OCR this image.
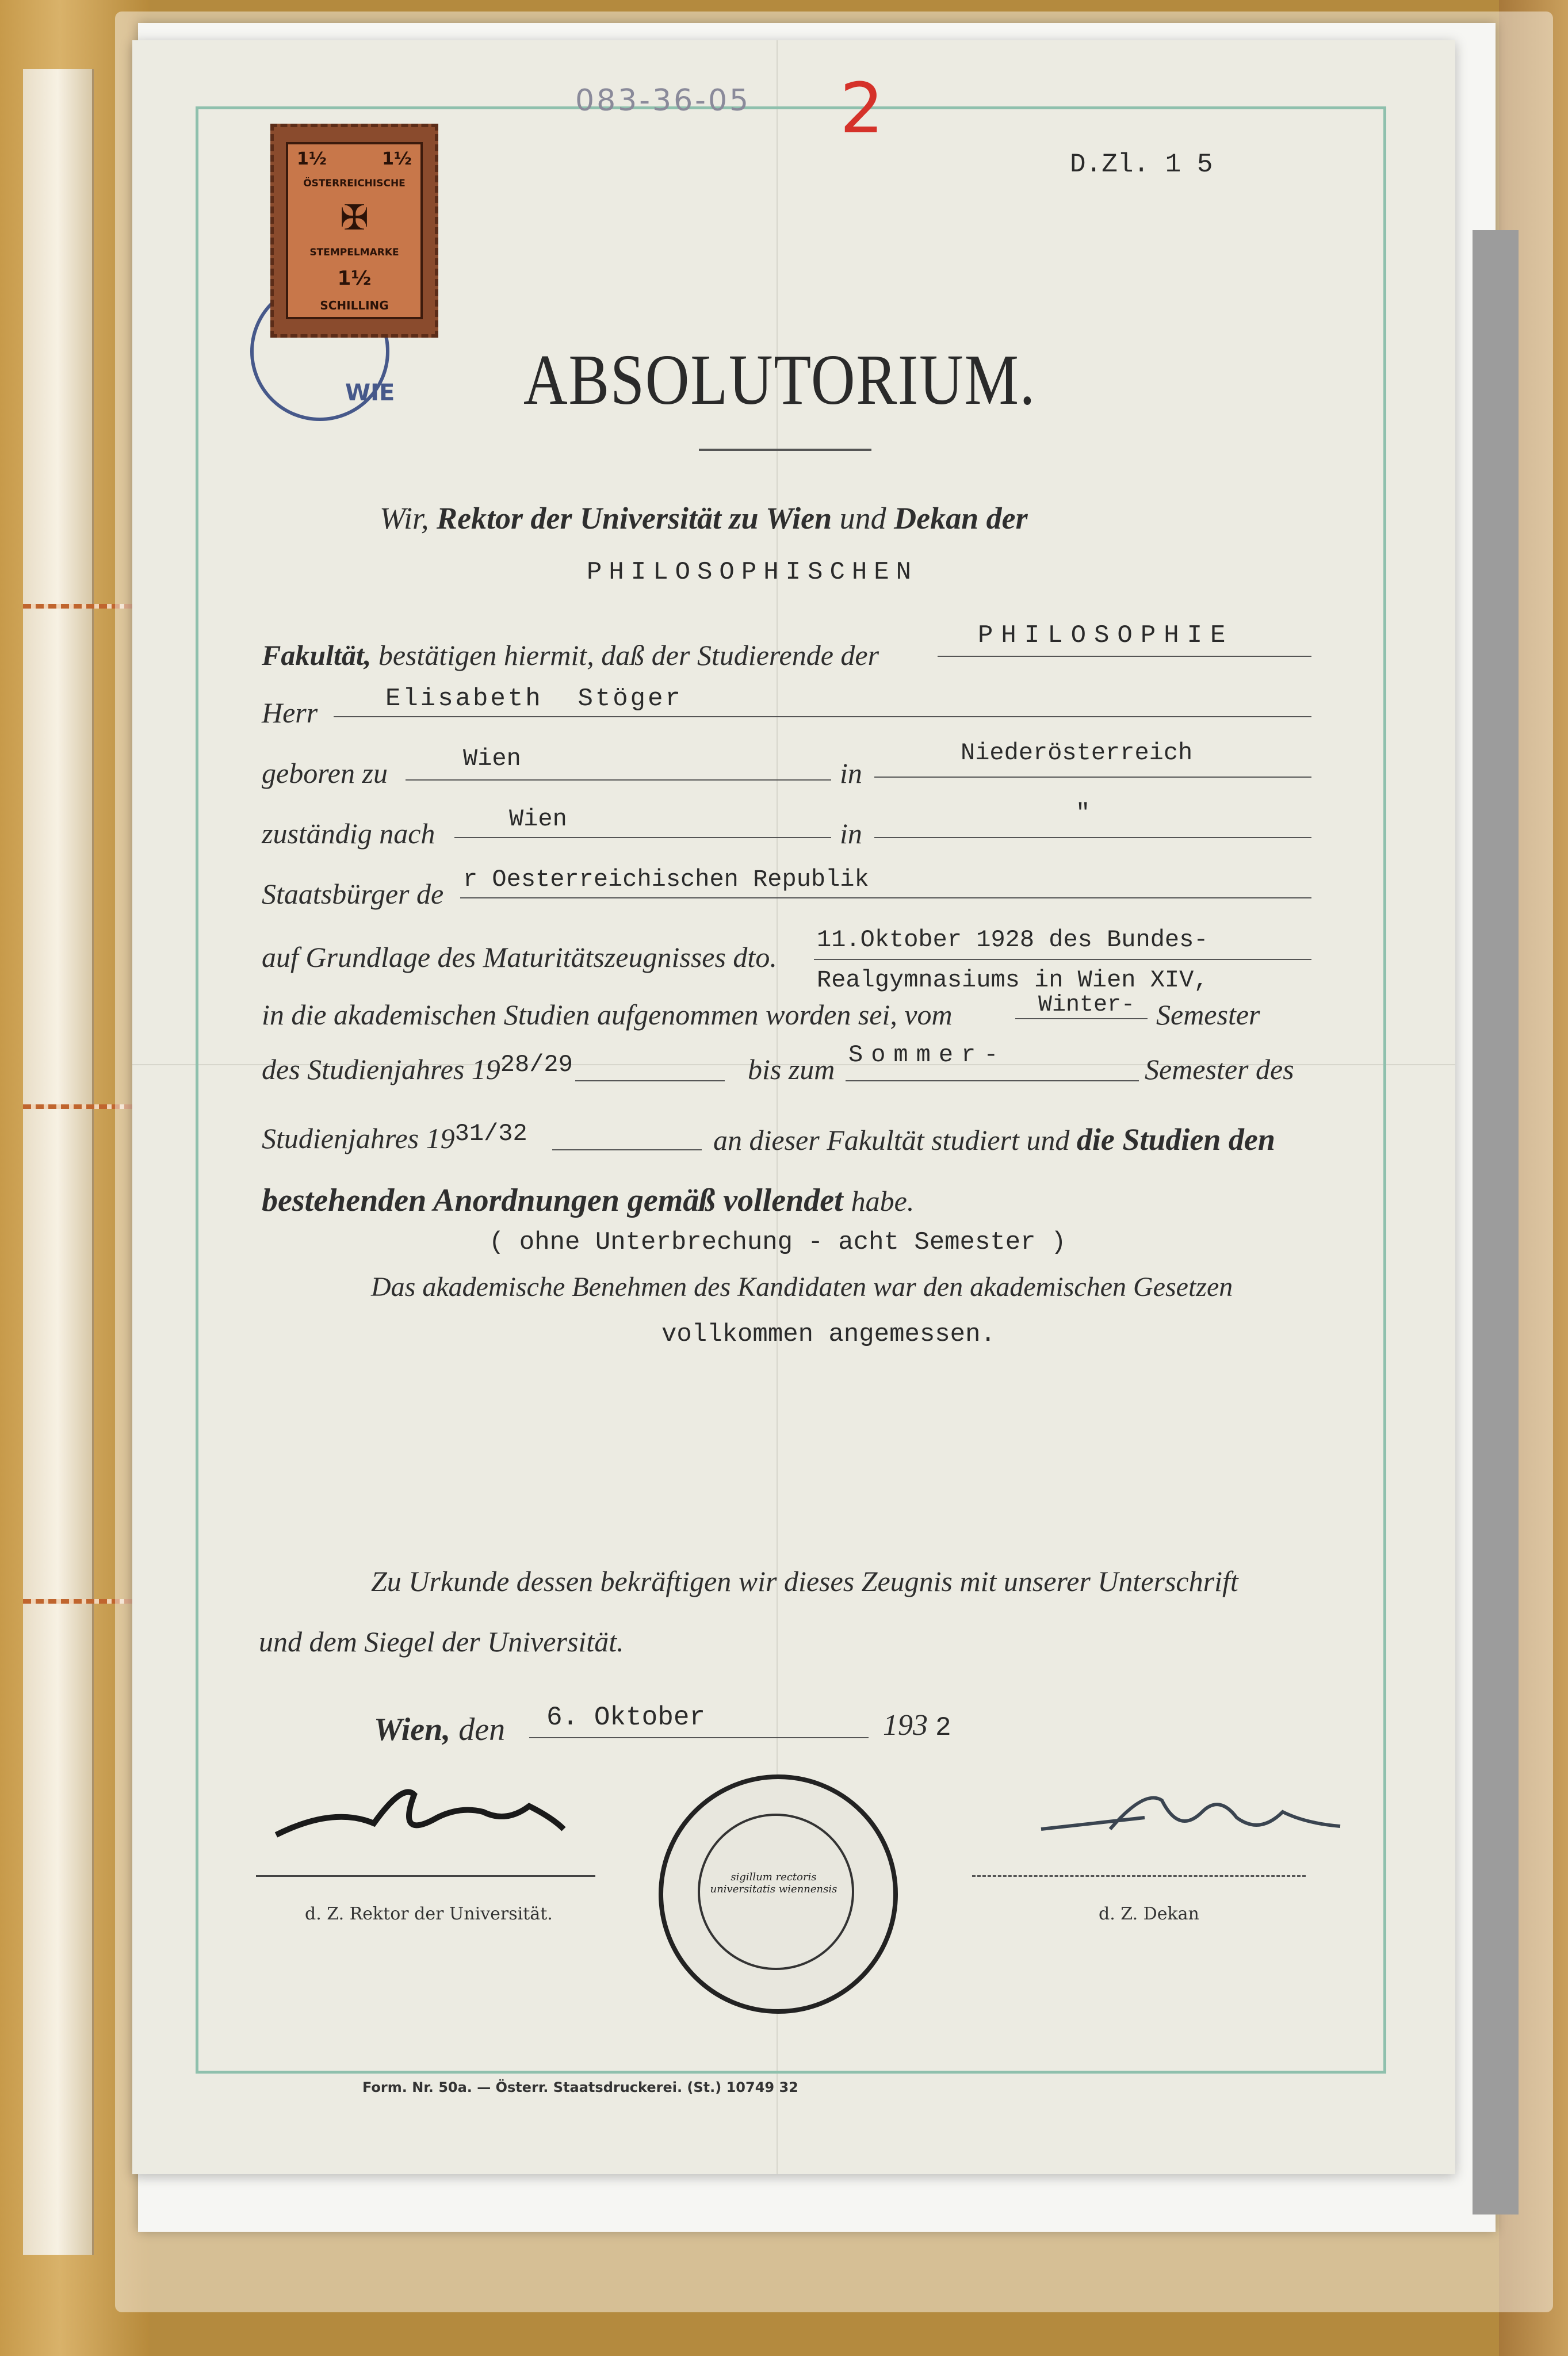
083-36-05 2
D.Zl. 1 5
WIE
1½	1½
ÖSTERREICHISCHE
✠
STEMPELMARKE
1½
SCHILLING
ABSOLUTORIUM.
Wir, Rektor der Universität zu Wien und Dekan der
PHILOSOPHISCHEN
Fakultät, bestätigen hiermit, daß der Studierende der
PHILOSOPHIE
Herr	Elisabeth  Stöger
geboren zu	Wien	in
Niederösterreich
zuständig nach	Wien	in
"
Staatsbürger de r Oesterreichischen Republik
auf Grundlage des Maturitätszeugnisses dto.
11.Oktober 1928 des Bundes-
Realgymnasiums in Wien XIV,
in die akademischen Studien aufgenommen worden sei, vom	Winter- Semester
des Studienjahres $19^{28/29}$	bis zum Sommer-	Semester des
Studienjahres $19^{31/32}$	an dieser Fakultät studiert und die Studien den
bestehenden Anordnungen gemäß vollendet habe.
( ohne Unterbrechung - acht Semester )
Das akademische Benehmen des Kandidaten war den akademischen Gesetzen
vollkommen angemessen.
Zu Urkunde dessen bekräftigen wir dieses Zeugnis mit unserer Unterschrift
und dem Siegel der Universität.
Wien, den 6. Oktober	193 2
d. Z. Rektor der Universität.
sigillum rectoris universitatis wiennensis
d. Z. Dekan
Form. Nr. 50a. — Österr. Staatsdruckerei. (St.) 10749 32
